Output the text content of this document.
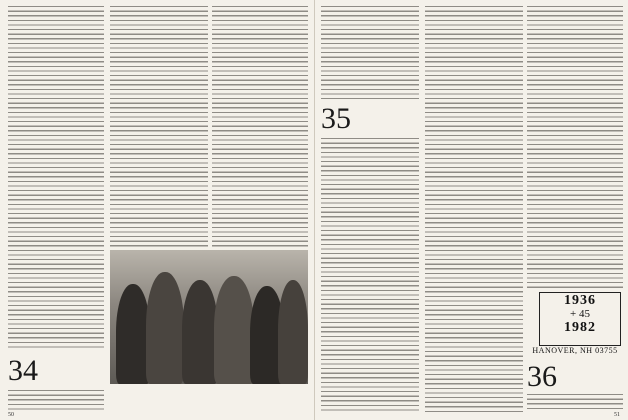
34
50
35
1936
+ 45
1982
HANOVER, NH 03755
36
51
